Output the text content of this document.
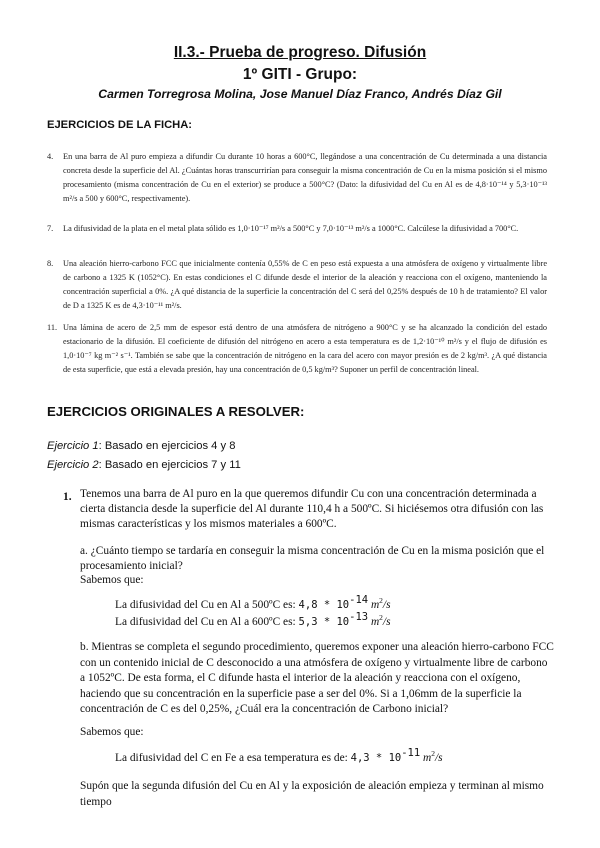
II.3.- Prueba de progreso. Difusión
1º GITI - Grupo:
Carmen Torregrosa Molina, Jose Manuel Díaz Franco, Andrés Díaz Gil
EJERCICIOS DE LA FICHA:
4. En una barra de Al puro empieza a difundir Cu durante 10 horas a 600°C, llegándose a una concentración de Cu determinada a una distancia concreta desde la superficie del Al. ¿Cuántas horas transcurrirían para conseguir la misma concentración de Cu en la misma posición si el mismo procesamiento (misma concentración de Cu en el exterior) se produce a 500°C? (Dato: la difusividad del Cu en Al es de 4,8·10⁻¹⁴ y 5,3·10⁻¹³ m²/s a 500 y 600°C, respectivamente).
7. La difusividad de la plata en el metal plata sólido es 1,0·10⁻¹⁷ m²/s a 500°C y 7,0·10⁻¹³ m²/s a 1000°C. Calcúlese la difusividad a 700°C.
8. Una aleación hierro-carbono FCC que inicialmente contenía 0,55% de C en peso está expuesta a una atmósfera de oxígeno y virtualmente libre de carbono a 1325 K (1052°C). En estas condiciones el C difunde desde el interior de la aleación y reacciona con el oxígeno, manteniendo la concentración superficial a 0%. ¿A qué distancia de la superficie la concentración del C será del 0,25% después de 10 h de tratamiento? El valor de D a 1325 K es de 4,3·10⁻¹¹ m²/s.
11. Una lámina de acero de 2,5 mm de espesor está dentro de una atmósfera de nitrógeno a 900°C y se ha alcanzado la condición del estado estacionario de la difusión. El coeficiente de difusión del nitrógeno en acero a esta temperatura es de 1,2·10⁻¹⁰ m²/s y el flujo de difusión es 1,0·10⁻⁷ kg m⁻² s⁻¹. También se sabe que la concentración de nitrógeno en la cara del acero con mayor presión es de 2 kg/m³. ¿A qué distancia de esta superficie, que está a elevada presión, hay una concentración de 0,5 kg/m³? Suponer un perfil de concentración lineal.
EJERCICIOS ORIGINALES A RESOLVER:
Ejercicio 1: Basado en ejercicios 4 y 8
Ejercicio 2: Basado en ejercicios 7 y 11
1. Tenemos una barra de Al puro en la que queremos difundir Cu con una concentración determinada a cierta distancia desde la superficie del Al durante 110,4 h a 500ºC. Si hiciésemos otra difusión con las mismas características y los mismos materiales a 600ºC.
a. ¿Cuánto tiempo se tardaría en conseguir la misma concentración de Cu en la misma posición que el procesamiento inicial?
Sabemos que:
La difusividad del Cu en Al a 500ºC es: $4,8 * 10^{-14}$ $m^2/s$
La difusividad del Cu en Al a 600ºC es: $5,3 * 10^{-13}$ $m^2/s$
b. Mientras se completa el segundo procedimiento, queremos exponer una aleación hierro-carbono FCC con un contenido inicial de C desconocido a una atmósfera de oxígeno y virtualmente libre de carbono a 1052ºC. De esta forma, el C difunde hasta el interior de la aleación y reacciona con el oxígeno, haciendo que su concentración en la superficie pase a ser del 0%. Si a 1,06mm de la superficie la concentración de C es del 0,25%, ¿Cuál era la concentración de Carbono inicial?
Sabemos que:
La difusividad del C en Fe a esa temperatura es de: $4,3 * 10^{-11}$ $m^2/s$
Supón que la segunda difusión del Cu en Al y la exposición de aleación empieza y terminan al mismo tiempo
